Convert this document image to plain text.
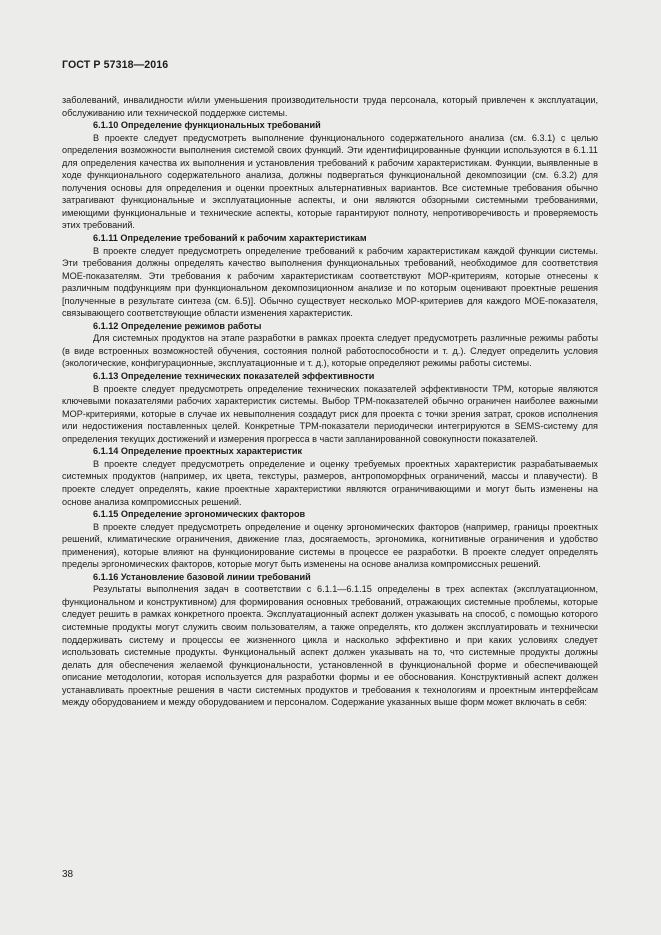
ГОСТ Р 57318—2016

заболеваний, инвалидности и/или уменьшения производительности труда персонала, который привлечен к эксплуатации, обслуживанию или технической поддержке системы.

6.1.10 Определение функциональных требований

В проекте следует предусмотреть выполнение функционального содержательного анализа (см. 6.3.1) с целью определения возможности выполнения системой своих функций. Эти идентифицированные функции используются в 6.1.11 для определения качества их выполнения и установления требований к рабочим характеристикам. Функции, выявленные в ходе функционального содержательного анализа, должны подвергаться функциональной декомпозиции (см. 6.3.2) для получения основы для определения и оценки проектных альтернативных вариантов. Все системные требования обычно затрагивают функциональные и эксплуатационные аспекты, и они являются обзорными системными требованиями, имеющими функциональные и технические аспекты, которые гарантируют полноту, непротиворечивость и проверяемость этих требований.

6.1.11 Определение требований к рабочим характеристикам

В проекте следует предусмотреть определение требований к рабочим характеристикам каждой функции системы. Эти требования должны определять качество выполнения функциональных требований, необходимое для соответствия МОЕ-показателям. Эти требования к рабочим характеристикам соответствуют МОР-критериям, которые отнесены к различным подфункциям при функциональном декомпозиционном анализе и по которым оценивают проектные решения [полученные в результате синтеза (см. 6.5)]. Обычно существует несколько МОР-критериев для каждого МОЕ-показателя, связывающего соответствующие области изменения характеристик.

6.1.12 Определение режимов работы

Для системных продуктов на этапе разработки в рамках проекта следует предусмотреть различные режимы работы (в виде встроенных возможностей обучения, состояния полной работоспособности и т. д.). Следует определить условия (экологические, конфигурационные, эксплуатационные и т. д.), которые определяют режимы работы системы.

6.1.13 Определение технических показателей эффективности

В проекте следует предусмотреть определение технических показателей эффективности ТРМ, которые являются ключевыми показателями рабочих характеристик системы. Выбор ТРМ-показателей обычно ограничен наиболее важными МОР-критериями, которые в случае их невыполнения создадут риск для проекта с точки зрения затрат, сроков исполнения или недостижения поставленных целей. Конкретные ТРМ-показатели периодически интегрируются в SEMS-систему для определения текущих достижений и измерения прогресса в части запланированной совокупности показателей.

6.1.14 Определение проектных характеристик

В проекте следует предусмотреть определение и оценку требуемых проектных характеристик разрабатываемых системных продуктов (например, их цвета, текстуры, размеров, антропоморфных ограничений, массы и плавучести). В проекте следует определять, какие проектные характеристики являются ограничивающими и могут быть изменены на основе анализа компромиссных решений.

6.1.15 Определение эргономических факторов

В проекте следует предусмотреть определение и оценку эргономических факторов (например, границы проектных решений, климатические ограничения, движение глаз, досягаемость, эргономика, когнитивные ограничения и удобство применения), которые влияют на функционирование системы в процессе ее разработки. В проекте следует определять пределы эргономических факторов, которые могут быть изменены на основе анализа компромиссных решений.

6.1.16 Установление базовой линии требований

Результаты выполнения задач в соответствии с 6.1.1—6.1.15 определены в трех аспектах (эксплуатационном, функциональном и конструктивном) для формирования основных требований, отражающих системные проблемы, которые следует решить в рамках конкретного проекта. Эксплуатационный аспект должен указывать на способ, с помощью которого системные продукты могут служить своим пользователям, а также определять, кто должен эксплуатировать и технически поддерживать систему и процессы ее жизненного цикла и насколько эффективно и при каких условиях следует использовать системные продукты. Функциональный аспект должен указывать на то, что системные продукты должны делать для обеспечения желаемой функциональности, установленной в функциональной форме и обеспечивающей описание методологии, которая используется для разработки формы и ее обоснования. Конструктивный аспект должен устанавливать проектные решения в части системных продуктов и требования к технологиям и проектным интерфейсам между оборудованием и между оборудованием и персоналом. Содержание указанных выше форм может включать в себя:

38
